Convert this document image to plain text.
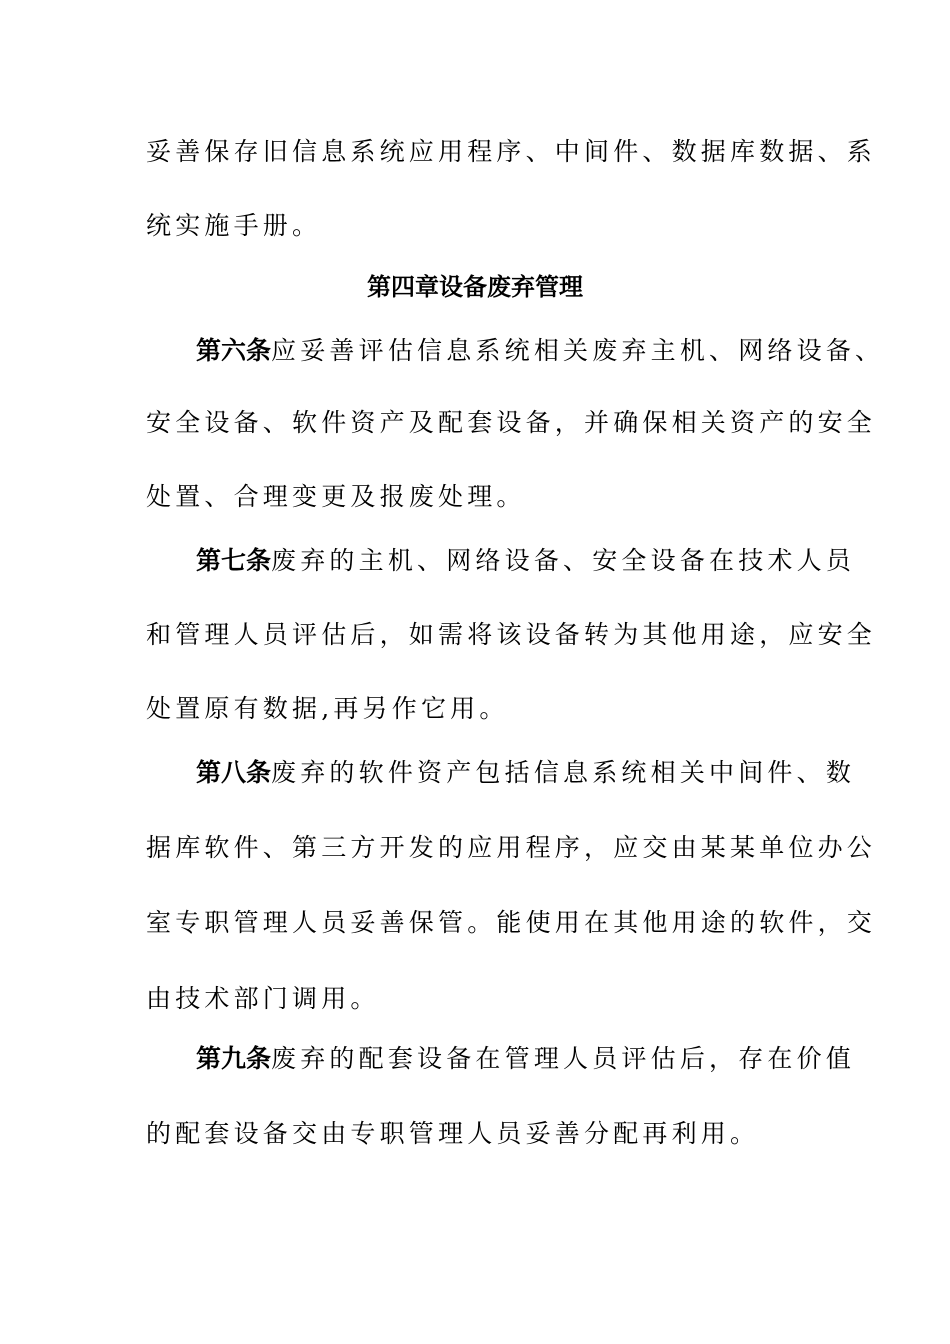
妥善保存旧信息系统应用程序、中间件、数据库数据、系
统实施手册。
第四章设备废弃管理
第六条应妥善评估信息系统相关废弃主机、网络设备、
安全设备、软件资产及配套设备，并确保相关资产的安全
处置、合理变更及报废处理。
第七条废弃的主机、网络设备、安全设备在技术人员
和管理人员评估后，如需将该设备转为其他用途，应安全
处置原有数据,再另作它用。
第八条废弃的软件资产包括信息系统相关中间件、数
据库软件、第三方开发的应用程序，应交由某某单位办公
室专职管理人员妥善保管。能使用在其他用途的软件，交
由技术部门调用。
第九条废弃的配套设备在管理人员评估后，存在价值
的配套设备交由专职管理人员妥善分配再利用。
